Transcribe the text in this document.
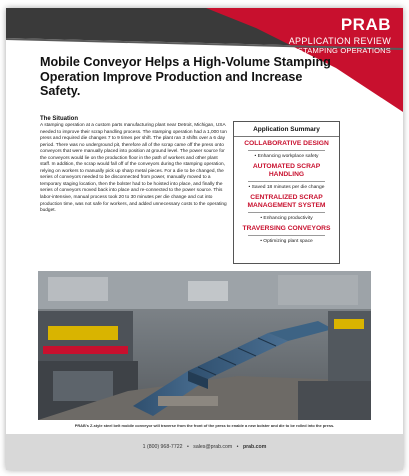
PRAB
APPLICATION REVIEW
STAMPING OPERATIONS
Mobile Conveyor Helps a High-Volume Stamping Operation Improve Production and Increase Safety.
The Situation
A stamping operation at a custom parts manufacturing plant near Detroit, Michigan, USA needed to improve their scrap handling process. The stamping operation had a 1,000 ton press and required die changes 7 to 9 times per shift. The plant ran 3 shifts over a 6 day period. There was no underground pit, therefore all of the scrap came off the press onto conveyors that were manually placed into position at ground level. The power source for the conveyors would lie on the production floor in the path of workers and other plant staff. In addition, the scrap would fall off of the conveyors during the stamping operation, relying on workers to manually pick up sharp metal pieces. For a die to be changed, the series of conveyors needed to be disconnected from power, manually moved to a temporary staging location, then the bolster had to be hoisted into place, and finally the series of conveyors moved back into place and re-connected to the power source. This labor-intensive, manual process took 20 to 30 minutes per die change and cut into production time, was not safe for workers, and added unnecessary costs to the operating budget.
Application Summary
COLLABORATIVE DESIGN
• Enhancing workplace safety
AUTOMATED SCRAP HANDLING
• Saved 18 minutes per die change
CENTRALIZED SCRAP MANAGEMENT SYSTEM
• Enhancing productivity
TRAVERSING CONVEYORS
• Optimizing plant space
PRAB's Z-style steel belt mobile conveyor will traverse from the front of the press to enable a new bolster and die to be rolled into the press.
1 (800) 968-7722 • sales@prab.com • prab.com
